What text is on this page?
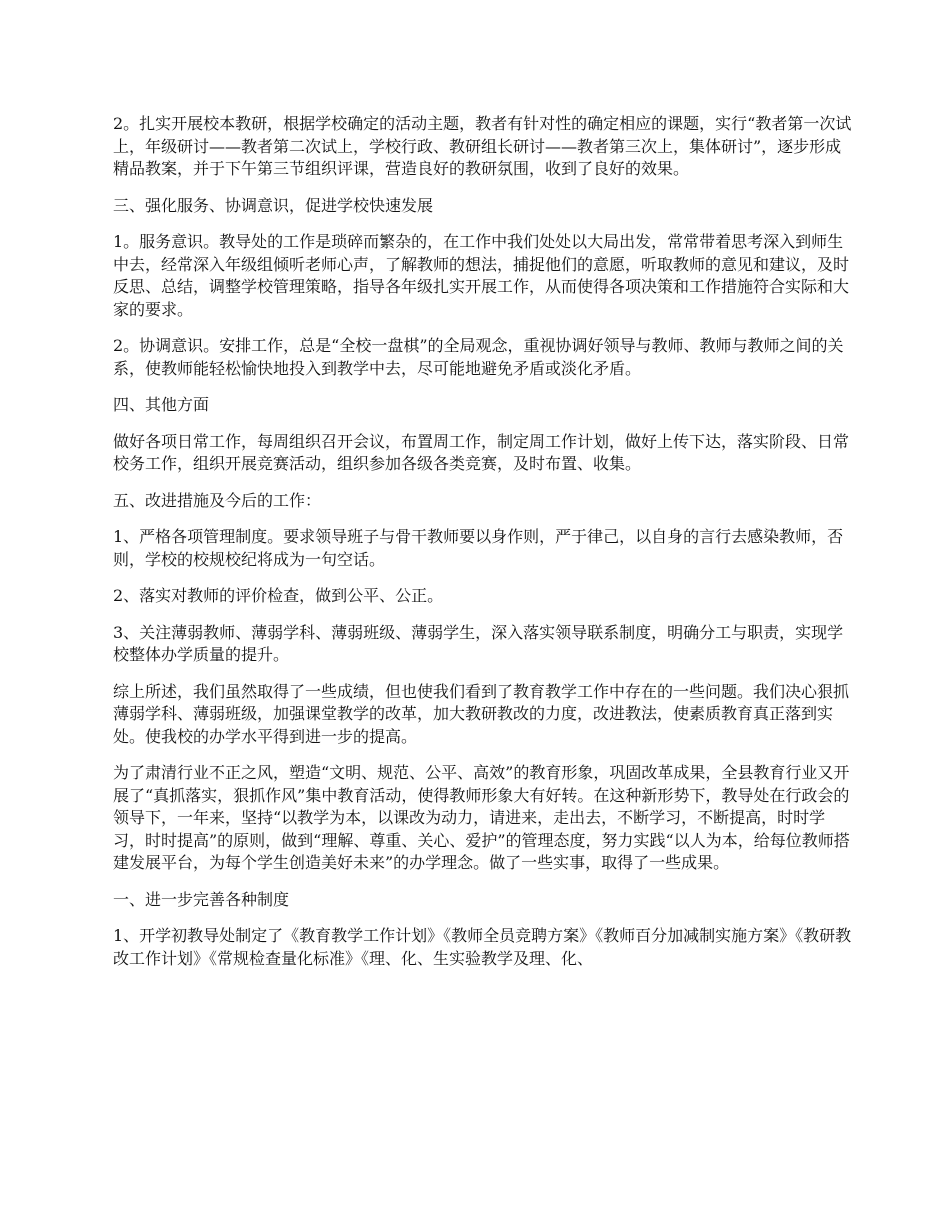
2。扎实开展校本教研，根据学校确定的活动主题，教者有针对性的确定相应的课题，实行“教者第一次试上，年级研讨——教者第二次试上，学校行政、教研组长研讨——教者第三次上，集体研讨”，逐步形成精品教案，并于下午第三节组织评课，营造良好的教研氛围，收到了良好的效果。

三、强化服务、协调意识，促进学校快速发展

1。服务意识。教导处的工作是琐碎而繁杂的，在工作中我们处处以大局出发，常常带着思考深入到师生中去，经常深入年级组倾听老师心声，了解教师的想法，捕捉他们的意愿，听取教师的意见和建议，及时反思、总结，调整学校管理策略，指导各年级扎实开展工作，从而使得各项决策和工作措施符合实际和大家的要求。

2。协调意识。安排工作，总是“全校一盘棋”的全局观念，重视协调好领导与教师、教师与教师之间的关系，使教师能轻松愉快地投入到教学中去，尽可能地避免矛盾或淡化矛盾。

四、其他方面

做好各项日常工作，每周组织召开会议，布置周工作，制定周工作计划，做好上传下达，落实阶段、日常校务工作，组织开展竞赛活动，组织参加各级各类竞赛，及时布置、收集。

五、改进措施及今后的工作：

1、严格各项管理制度。要求领导班子与骨干教师要以身作则，严于律己，以自身的言行去感染教师，否则，学校的校规校纪将成为一句空话。

2、落实对教师的评价检查，做到公平、公正。

3、关注薄弱教师、薄弱学科、薄弱班级、薄弱学生，深入落实领导联系制度，明确分工与职责，实现学校整体办学质量的提升。

综上所述，我们虽然取得了一些成绩，但也使我们看到了教育教学工作中存在的一些问题。我们决心狠抓薄弱学科、薄弱班级，加强课堂教学的改革，加大教研教改的力度，改进教法，使素质教育真正落到实处。使我校的办学水平得到进一步的提高。

为了肃清行业不正之风，塑造“文明、规范、公平、高效”的教育形象，巩固改革成果，全县教育行业又开展了“真抓落实，狠抓作风”集中教育活动，使得教师形象大有好转。在这种新形势下，教导处在行政会的领导下，一年来，坚持“以教学为本，以课改为动力，请进来，走出去，不断学习，不断提高，时时学习，时时提高”的原则，做到“理解、尊重、关心、爱护”的管理态度，努力实践“以人为本，给每位教师搭建发展平台，为每个学生创造美好未来”的办学理念。做了一些实事，取得了一些成果。

一、进一步完善各种制度

1、开学初教导处制定了《教育教学工作计划》《教师全员竞聘方案》《教师百分加减制实施方案》《教研教改工作计划》《常规检查量化标准》《理、化、生实验教学及理、化、
